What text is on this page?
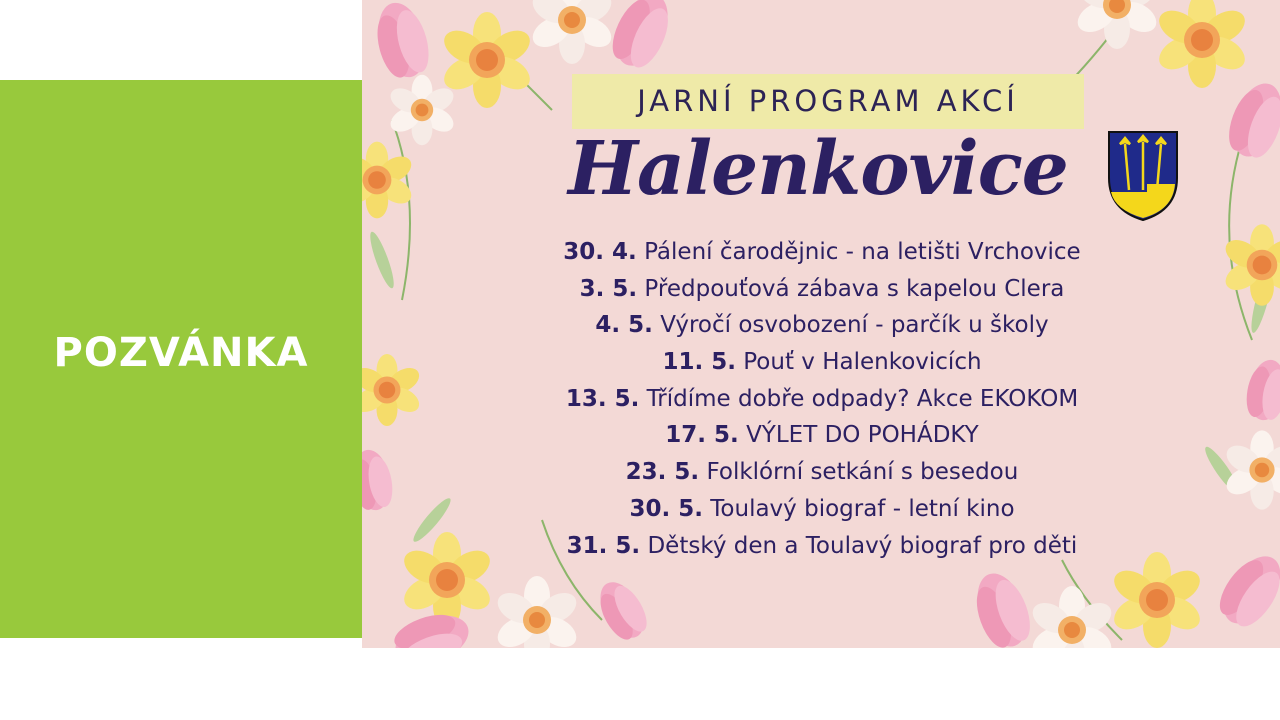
POZVÁNKA
JARNÍ PROGRAM AKCÍ
Halenkovice
30. 4. Pálení čarodějnic - na letišti Vrchovice
3. 5. Předpouťová zábava s kapelou Clera
4. 5. Výročí osvobození - parčík u školy
11. 5. Pouť v Halenkovicích
13. 5. Třídíme dobře odpady? Akce EKOKOM
17. 5. VÝLET DO POHÁDKY
23. 5. Folklórní setkání s besedou
30. 5. Toulavý biograf - letní kino
31. 5. Dětský den a Toulavý biograf pro děti
